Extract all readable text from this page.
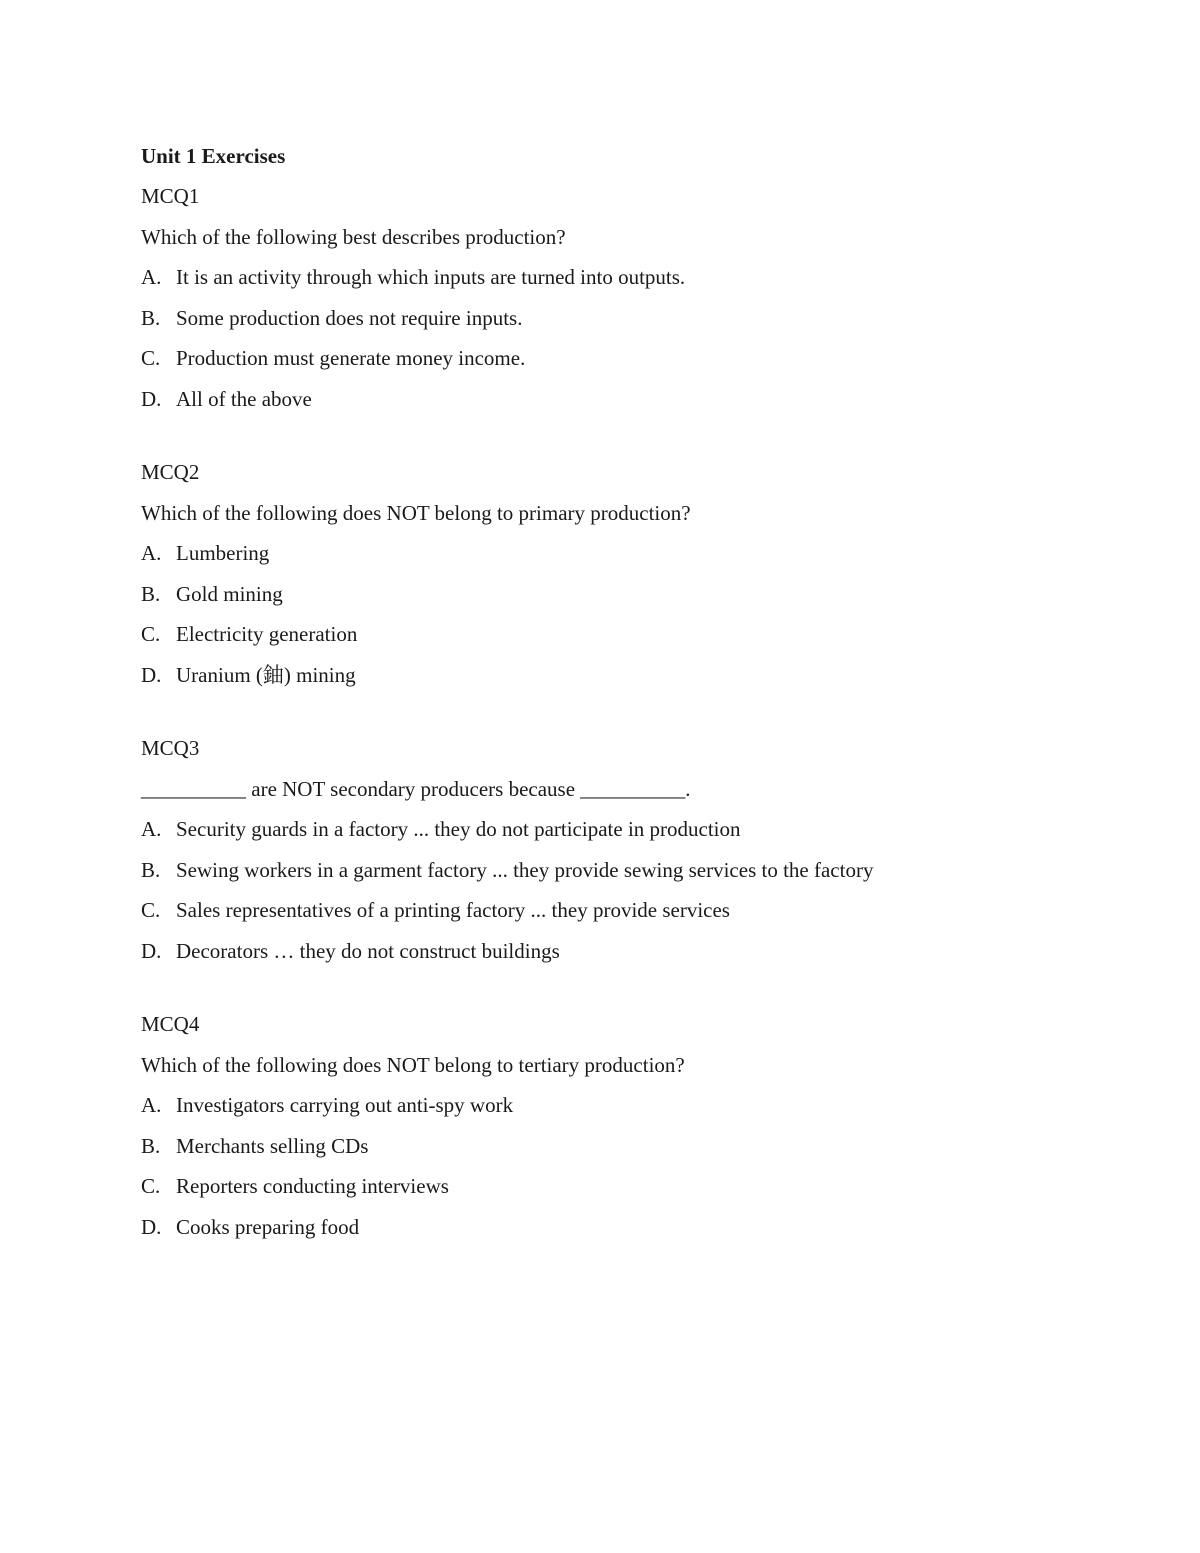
Unit 1 Exercises
MCQ1
Which of the following best describes production?
A. It is an activity through which inputs are turned into outputs.
B. Some production does not require inputs.
C. Production must generate money income.
D. All of the above
MCQ2
Which of the following does NOT belong to primary production?
A. Lumbering
B. Gold mining
C. Electricity generation
D. Uranium (鈾) mining
MCQ3
__________ are NOT secondary producers because __________.
A. Security guards in a factory ... they do not participate in production
B. Sewing workers in a garment factory ... they provide sewing services to the factory
C. Sales representatives of a printing factory ... they provide services
D. Decorators … they do not construct buildings
MCQ4
Which of the following does NOT belong to tertiary production?
A. Investigators carrying out anti-spy work
B. Merchants selling CDs
C. Reporters conducting interviews
D. Cooks preparing food
